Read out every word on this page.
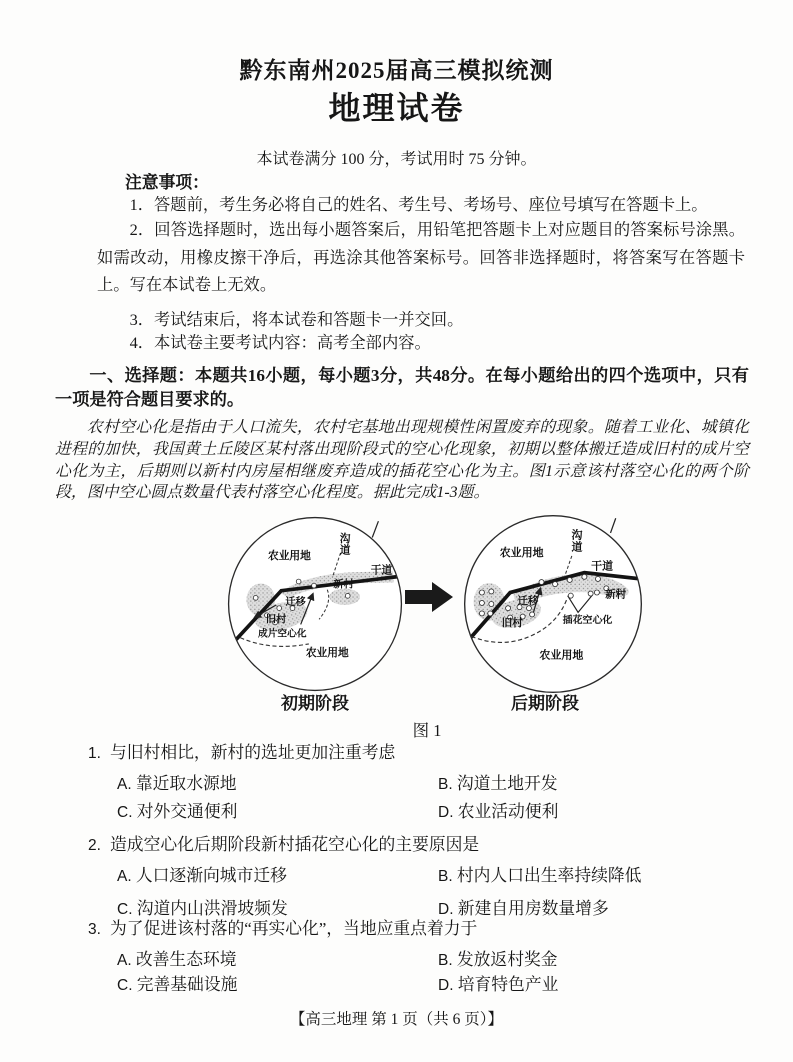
黔东南州2025届高三模拟统测
地理试卷
本试卷满分 100 分，考试用时 75 分钟。

注意事项：

1．答题前，考生务必将自己的姓名、考生号、考场号、座位号填写在答题卡上。

2．回答选择题时，选出每小题答案后，用铅笔把答题卡上对应题目的答案标号涂黑。如需改动，用橡皮擦干净后，再选涂其他答案标号。回答非选择题时，将答案写在答题卡上。写在本试卷上无效。

3．考试结束后，将本试卷和答题卡一并交回。

4．本试卷主要考试内容：高考全部内容。

一、选择题：本题共16小题，每小题3分，共48分。在每小题给出的四个选项中，只有一项是符合题目要求的。

农村空心化是指由于人口流失，农村宅基地出现规模性闲置废弃的现象。随着工业化、城镇化进程的加快，我国黄土丘陵区某村落出现阶段式的空心化现象，初期以整体搬迁造成旧村的成片空心化为主，后期则以新村内房屋相继废弃造成的插花空心化为主。图1示意该村落空心化的两个阶段，图中空心圆点数量代表村落空心化程度。据此完成1-3题。

农业用地
沟道
干道
新村
迁移
旧村
成片空心化
农业用地
农业用地
沟道
干道
新村
迁移
旧村	插花空心化
农业用地
初期阶段	后期阶段
图 1

1. 与旧村相比，新村的选址更加注重考虑

A. 靠近取水源地	B. 沟道土地开发
C. 对外交通便利	D. 农业活动便利

2. 造成空心化后期阶段新村插花空心化的主要原因是

A. 人口逐渐向城市迁移	B. 村内人口出生率持续降低
C. 沟道内山洪滑坡频发	D. 新建自用房数量增多

3. 为了促进该村落的“再实心化”，当地应重点着力于

A. 改善生态环境	B. 发放返村奖金
C. 完善基础设施	D. 培育特色产业
【高三地理 第 1 页（共 6 页）】
